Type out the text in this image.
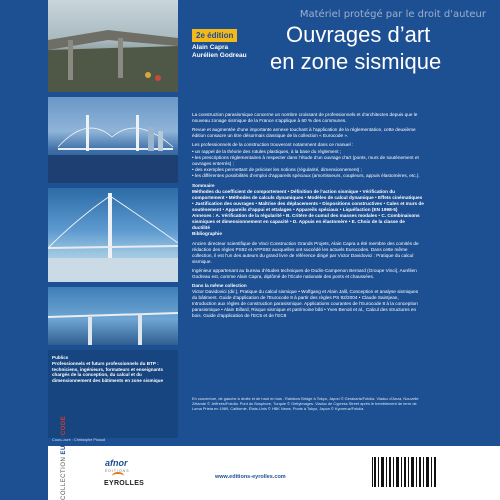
Matériel protégé par le droit d'auteur
Publics
Professionnels et futurs professionnels du BTP : techniciens, ingénieurs, formateurs et enseignants chargés de la conception, du calcul et du dimensionnement des bâtiments en zone sismique
Couverture : Christophe Picaud
COLLECTION EUROCODE
afnor
ÉDITIONS
EYROLLES
www.editions-eyrolles.com
2e édition
Alain Capra
Aurélien Godreau
Ouvrages d’art
en zone sismique

La construction parasismique concerne un nombre croissant de professionnels et d’architectes depuis que le nouveau zonage sismique de la France s’applique à 60 % des communes.

Revue et augmentée d’une importante annexe touchant à l’application de la réglementation, cette deuxième édition consacre un titre désormais classique de la collection « Eurocode ».

Les professionnels de la construction trouveront notamment dans ce manuel :

• un rappel de la théorie des rotules plastiques, à la base du règlement ;
• les prescriptions réglementaires à respecter dans l’étude d’un ouvrage d’art (ponts, murs de soutènement et ouvrages enterrés) ;
• des exemples permettant de préciser les notions (régularité, dimensionnement) ;
• les différentes possibilités d’emploi d’appareils spéciaux (amortisseurs, coupleurs, appuis élastomères, etc.).
Sommaire
Méthodes du coefficient de comportement • Définition de l’action sismique • Vérification du comportement • Méthodes de calculs dynamiques • Modèles de calcul dynamique • Effets cinématiques • Justification des ouvrages • Maîtrise des déplacements • Dispositions constructives • Cales et murs de soutènement • Appareils d’appui et ettalages • Appareils spéciaux • Liquéfaction (EN 1998-5)
Annexes : A. Vérification de la régularité • B. Critère de cumul des masses modales • C. Combinaisons sismiques et dimensionnement en capacité • D. Appuis en élastomère • E. Choix de la classe de ductilité
Bibliographie

Ancien directeur scientifique de Vinci Construction Grands Projets, Alain Capra a été membre des comités de rédaction des règles PS92 et AFPS92 auxquelles ont succédé les actuels Eurocodes. Dans cette même collection, il est l’un des auteurs du grand livre de référence dirigé par Victor Davidovici : Pratique du calcul sismique.

Ingénieur appartenant au bureau d’études techniques de Dodin-Campenon Bernard (Groupe Vinci), Aurélien Godreau est, comme Alain Capra, diplômé de l’École nationale des ponts et chaussées.

Dans la même collection
Victor Davidovici (dir.), Pratique du calcul sismique • Wolfgang et Alain Jalil, Conception et analyse sismiques du bâtiment. Guide d’application de l’Eurocode 8 à partir des règles PS 92/2004 • Claude Saintjean, Introduction aux règles de construction parasismique. Applications courantes de l’Eurocode 8 à la conception parasismique • Alain Billard, Risque sismique et patrimoine bâti • Yves Benoit et al., Calcul des structures en bois. Guide d’application de l’EC5 et de l’EC8
En couverture, de gauche à droite et de haut en bas : Rainbow Bridge à Tokyo, Japon © Gerakaris/Fotolia. Viaduc d’Anza, Nouvelle Zélande © Jeffrees/Fotolia. Pont du Bosphore, Turquie © Gettyimages. Viaduc de Cypress Street après le tremblement de terre de Loma Prieta en 1989, Californie, États-Unis © HBK News. Ponts à Tokyo, Japon © Kyoreruz/Fotolia.
